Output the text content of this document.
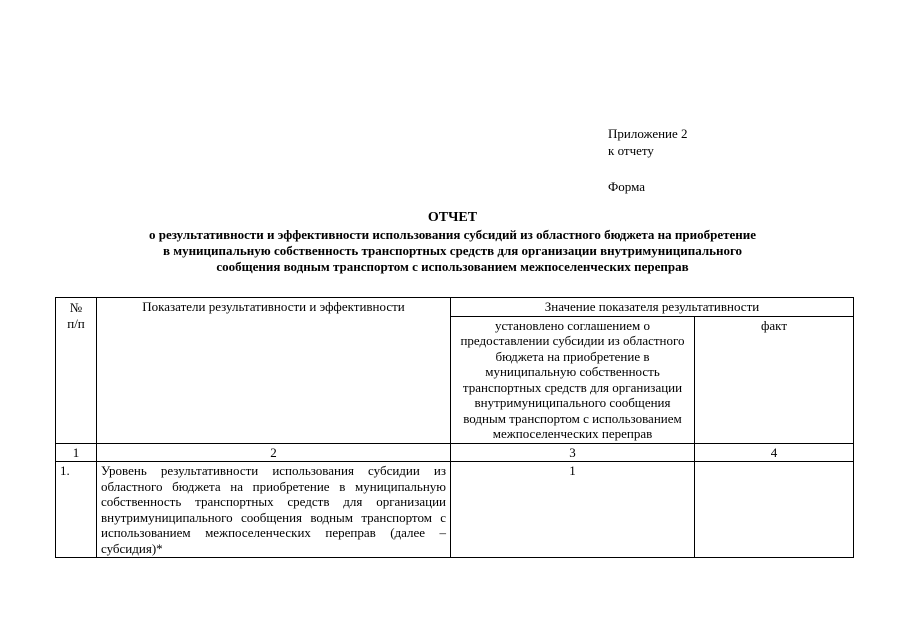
Приложение 2
к отчету
Форма
ОТЧЕТ
о результативности и эффективности использования субсидий из областного бюджета на приобретение
в муниципальную собственность транспортных средств для организации внутримуниципального
сообщения водным транспортом с использованием межпоселенческих переправ
№ п/п	Показатели результативности и эффективности	Значение показателя результативности	
		установлено соглашением о предоставлении субсидии из областного бюджета на приобретение в муниципальную собственность транспортных средств для организации внутримуниципального сообщения водным транспортом с использованием межпоселенческих переправ	факт
1	2	3	4
1.	Уровень результативности использования субсидии из областного бюджета на приобретение в муниципальную собственность транспортных средств для организации внутримуниципального сообщения водным транспортом с использованием межпоселенческих переправ (далее – субсидия)*	1	
